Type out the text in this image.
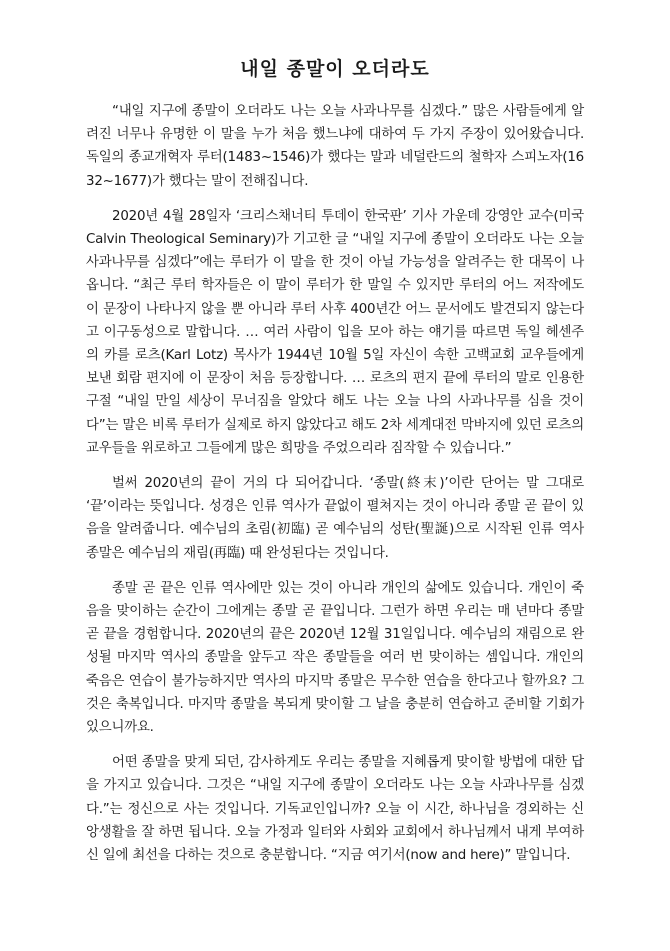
내일 종말이 오더라도

“내일 지구에 종말이 오더라도 나는 오늘 사과나무를 심겠다.” 많은 사람들에게 알려진 너무나 유명한 이 말을 누가 처음 했느냐에 대하여 두 가지 주장이 있어왔습니다. 독일의 종교개혁자 루터(1483~1546)가 했다는 말과 네덜란드의 철학자 스피노자(1632~1677)가 했다는 말이 전해집니다.

2020년 4월 28일자 ‘크리스채너티 투데이 한국판’ 기사 가운데 강영안 교수(미국 Calvin Theological Seminary)가 기고한 글 “내일 지구에 종말이 오더라도 나는 오늘 사과나무를 심겠다”에는 루터가 이 말을 한 것이 아닐 가능성을 알려주는 한 대목이 나옵니다. “최근 루터 학자들은 이 말이 루터가 한 말일 수 있지만 루터의 어느 저작에도 이 문장이 나타나지 않을 뿐 아니라 루터 사후 400년간 어느 문서에도 발견되지 않는다고 이구동성으로 말합니다. … 여러 사람이 입을 모아 하는 얘기를 따르면 독일 헤센주의 카를 로츠(Karl Lotz) 목사가 1944년 10월 5일 자신이 속한 고백교회 교우들에게 보낸 회람 편지에 이 문장이 처음 등장합니다. … 로츠의 편지 끝에 루터의 말로 인용한 구절 “내일 만일 세상이 무너짐을 알았다 해도 나는 오늘 나의 사과나무를 심을 것이다”는 말은 비록 루터가 실제로 하지 않았다고 해도 2차 세계대전 막바지에 있던 로츠의 교우들을 위로하고 그들에게 많은 희망을 주었으리라 짐작할 수 있습니다.”

벌써 2020년의 끝이 거의 다 되어갑니다. ‘종말(終末)’이란 단어는 말 그대로 ‘끝’이라는 뜻입니다. 성경은 인류 역사가 끝없이 펼쳐지는 것이 아니라 종말 곧 끝이 있음을 알려줍니다. 예수님의 초림(初臨) 곧 예수님의 성탄(聖誕)으로 시작된 인류 역사 종말은 예수님의 재림(再臨) 때 완성된다는 것입니다.

종말 곧 끝은 인류 역사에만 있는 것이 아니라 개인의 삶에도 있습니다. 개인이 죽음을 맞이하는 순간이 그에게는 종말 곧 끝입니다. 그런가 하면 우리는 매 년마다 종말 곧 끝을 경험합니다. 2020년의 끝은 2020년 12월 31일입니다. 예수님의 재림으로 완성될 마지막 역사의 종말을 앞두고 작은 종말들을 여러 번 맞이하는 셈입니다. 개인의 죽음은 연습이 불가능하지만 역사의 마지막 종말은 무수한 연습을 한다고나 할까요? 그것은 축복입니다. 마지막 종말을 복되게 맞이할 그 날을 충분히 연습하고 준비할 기회가 있으니까요.

어떤 종말을 맞게 되던, 감사하게도 우리는 종말을 지혜롭게 맞이할 방법에 대한 답을 가지고 있습니다. 그것은 “내일 지구에 종말이 오더라도 나는 오늘 사과나무를 심겠다.”는 정신으로 사는 것입니다. 기독교인입니까? 오늘 이 시간, 하나님을 경외하는 신앙생활을 잘 하면 됩니다. 오늘 가정과 일터와 사회와 교회에서 하나님께서 내게 부여하신 일에 최선을 다하는 것으로 충분합니다. “지금 여기서(now and here)” 말입니다.
